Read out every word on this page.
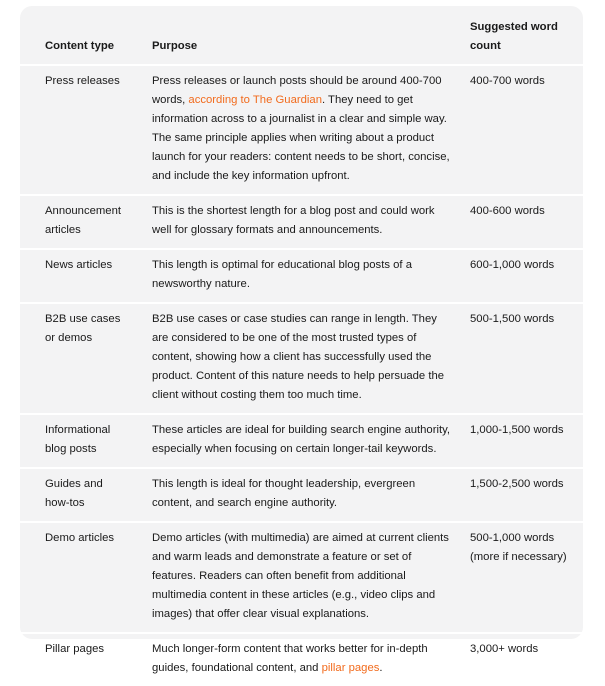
Content type	Purpose	Suggested word count
Press releases	Press releases or launch posts should be around 400-700 words, according to The Guardian. They need to get information across to a journalist in a clear and simple way. The same principle applies when writing about a product launch for your readers: content needs to be short, concise, and include the key information upfront.	400-700 words
Announcement articles	This is the shortest length for a blog post and could work well for glossary formats and announcements.	400-600 words
News articles	This length is optimal for educational blog posts of a newsworthy nature.	600-1,000 words
B2B use cases or demos	B2B use cases or case studies can range in length. They are considered to be one of the most trusted types of content, showing how a client has successfully used the product. Content of this nature needs to help persuade the client without costing them too much time.	500-1,500 words
Informational blog posts	These articles are ideal for building search engine authority, especially when focusing on certain longer-tail keywords.	1,000-1,500 words
Guides and how-tos	This length is ideal for thought leadership, evergreen content, and search engine authority.	1,500-2,500 words
Demo articles	Demo articles (with multimedia) are aimed at current clients and warm leads and demonstrate a feature or set of features. Readers can often benefit from additional multimedia content in these articles (e.g., video clips and images) that offer clear visual explanations.	500-1,000 words (more if necessary)
Pillar pages	Much longer-form content that works better for in-depth guides, foundational content, and pillar pages.	3,000+ words
